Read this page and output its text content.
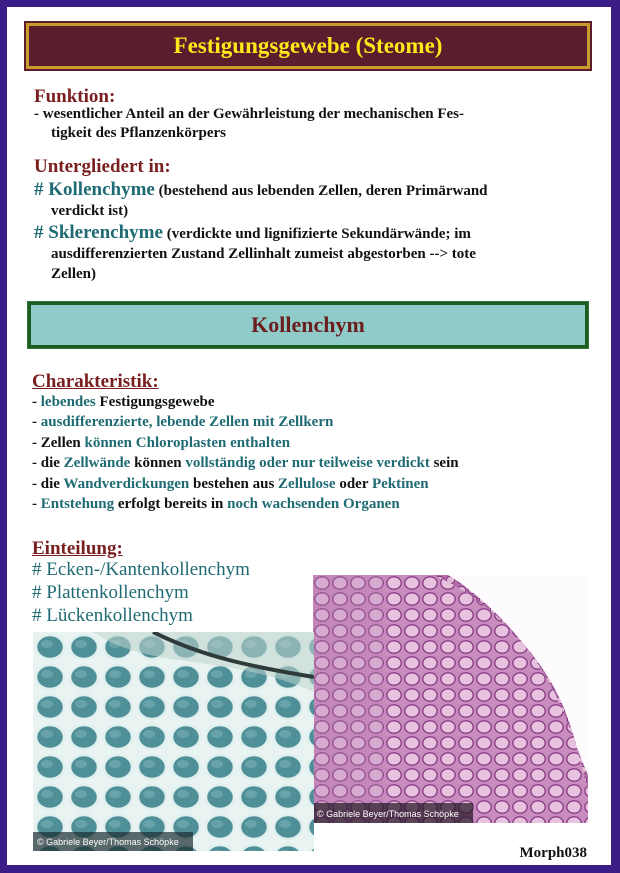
Festigungsgewebe (Steome)
Funktion:
- wesentlicher Anteil an der Gewährleistung der mechanischen Fes-
tigkeit des Pflanzenkörpers
Untergliedert in:
# Kollenchyme (bestehend aus lebenden Zellen, deren Primärwand
verdickt ist)
# Sklerenchyme (verdickte und lignifizierte Sekundärwände; im
ausdifferenzierten Zustand Zellinhalt zumeist abgestorben --> tote
Zellen)
Kollenchym
Charakteristik:
- lebendes Festigungsgewebe
- ausdifferenzierte, lebende Zellen mit Zellkern
- Zellen können Chloroplasten enthalten
- die Zellwände können vollständig oder nur teilweise verdickt sein
- die Wandverdickungen bestehen aus Zellulose oder Pektinen
- Entstehung erfolgt bereits in noch wachsenden Organen
Einteilung:
# Ecken-/Kantenkollenchym
# Plattenkollenchym
# Lückenkollenchym
© Gabriele Beyer/Thomas Schöpke
© Gabriele Beyer/Thomas Schöpke
Morph038
